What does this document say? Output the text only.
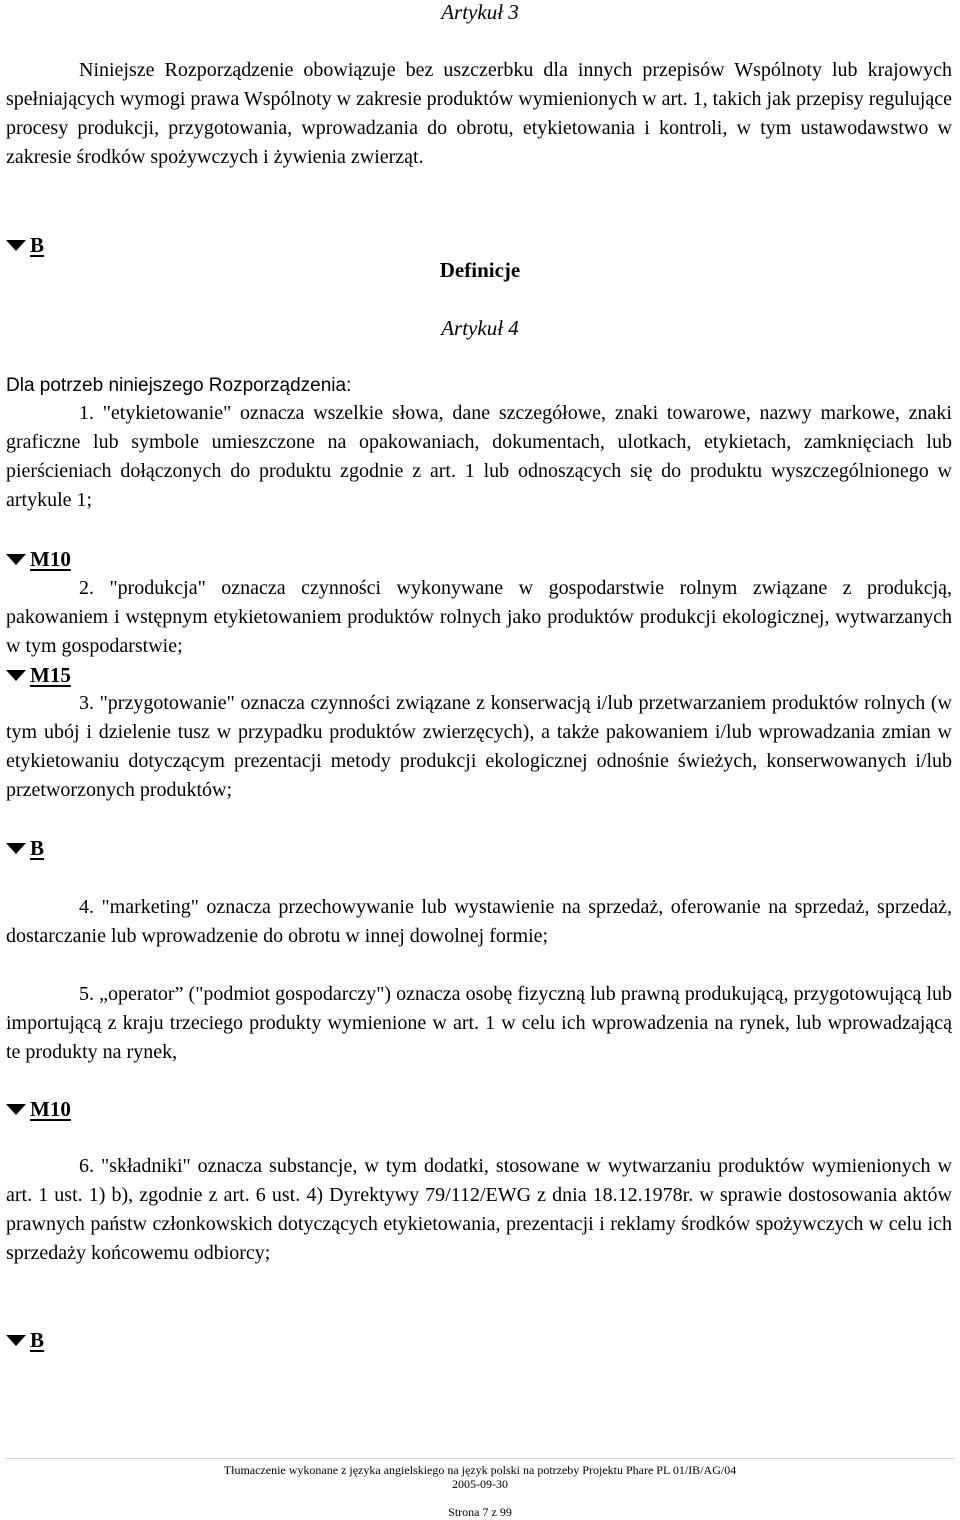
Artykuł 3
Niniejsze Rozporządzenie obowiązuje bez uszczerbku dla innych przepisów Wspólnoty lub krajowych spełniających wymogi prawa Wspólnoty w zakresie produktów wymienionych w art. 1, takich jak przepisy regulujące procesy produkcji, przygotowania, wprowadzania do obrotu, etykietowania i kontroli, w tym ustawodawstwo w zakresie środków spożywczych i żywienia zwierząt.
B
Definicje
Artykuł 4
Dla potrzeb niniejszego Rozporządzenia:
1. "etykietowanie" oznacza wszelkie słowa, dane szczegółowe, znaki towarowe, nazwy markowe, znaki graficzne lub symbole umieszczone na opakowaniach, dokumentach, ulotkach, etykietach, zamknięciach lub pierścieniach dołączonych do produktu zgodnie z art. 1 lub odnoszących się do produktu wyszczególnionego w artykule 1;
M10
2. "produkcja" oznacza czynności wykonywane w gospodarstwie rolnym związane z produkcją, pakowaniem i wstępnym etykietowaniem produktów rolnych jako produktów produkcji ekologicznej, wytwarzanych w tym gospodarstwie;
M15
3. "przygotowanie" oznacza czynności związane z konserwacją i/lub przetwarzaniem produktów rolnych (w tym ubój i dzielenie tusz w przypadku produktów zwierzęcych), a także pakowaniem i/lub wprowadzania zmian w etykietowaniu dotyczącym prezentacji metody produkcji ekologicznej odnośnie świeżych, konserwowanych i/lub przetworzonych produktów;
B
4. "marketing" oznacza przechowywanie lub wystawienie na sprzedaż, oferowanie na sprzedaż, sprzedaż, dostarczanie lub wprowadzenie do obrotu w innej dowolnej formie;
5. „operator” ("podmiot gospodarczy") oznacza osobę fizyczną lub prawną produkującą, przygotowującą lub importującą z kraju trzeciego produkty wymienione w art. 1 w celu ich wprowadzenia na rynek, lub wprowadzającą te produkty na rynek,
M10
6. "składniki" oznacza substancje, w tym dodatki, stosowane w wytwarzaniu produktów wymienionych w art. 1 ust. 1) b), zgodnie z art. 6 ust. 4) Dyrektywy 79/112/EWG z dnia 18.12.1978r. w sprawie dostosowania aktów prawnych państw członkowskich dotyczących etykietowania, prezentacji i reklamy środków spożywczych w celu ich sprzedaży końcowemu odbiorcy;
B
Tłumaczenie wykonane z języka angielskiego na język polski na potrzeby Projektu Phare PL 01/IB/AG/04
2005-09-30
Strona 7 z 99
